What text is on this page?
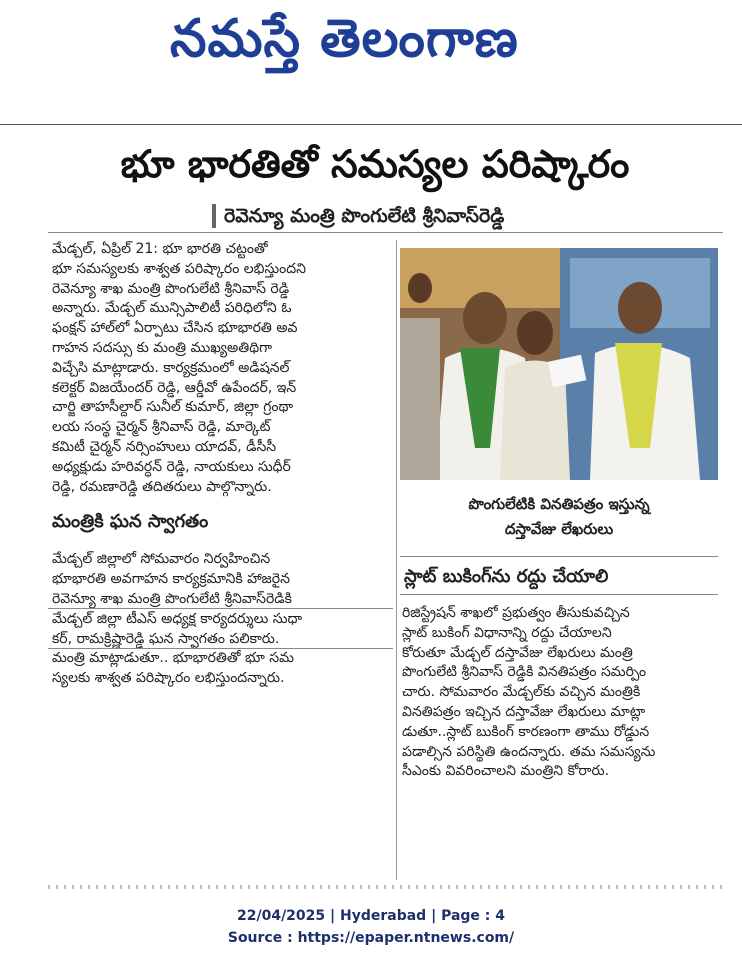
నమస్తే తెలంగాణ
భూ భారతితో సమస్యల పరిష్కారం
రెవెన్యూ మంత్రి పొంగులేటి శ్రీనివాస్‌రెడ్డి
మేడ్చల్, ఏప్రిల్ 21: భూ భారతి చట్టంతో
భూ సమస్యలకు శాశ్వత పరిష్కారం లభిస్తుందని
రెవెన్యూ శాఖ మంత్రి పొంగులేటి శ్రీనివాస్ రెడ్డి
అన్నారు. మేడ్చల్ మున్సిపాలిటీ పరిధిలోని ఓ
ఫంక్షన్ హాల్‌లో ఏర్పాటు చేసిన భూభారతి అవ
గాహన సదస్సు కు మంత్రి ముఖ్యఅతిథిగా
విచ్చేసి మాట్లాడారు. కార్యక్రమంలో అడిషనల్
కలెక్టర్ విజయేందర్ రెడ్డి, ఆర్డీవో ఉపేందర్, ఇన్
చార్జి తాహసీల్దార్ సునీల్ కుమార్, జిల్లా గ్రంథా
లయ సంస్థ చైర్మన్ శ్రీనివాస్ రెడ్డి, మార్కెట్
కమిటీ చైర్మన్ నర్సింహులు యాదవ్, డీసీసీ
అధ్యక్షుడు హరివర్ధన్ రెడ్డి, నాయకులు సుధీర్
రెడ్డి, రమణారెడ్డి తదితరులు పాల్గొన్నారు.
మంత్రికి ఘన స్వాగతం
మేడ్చల్ జిల్లాలో సోమవారం నిర్వహించిన
భూభారతి అవగాహన కార్యక్రమానికి హాజరైన
రెవెన్యూ శాఖ మంత్రి పొంగులేటి శ్రీనివాస్‌రెడికి
మేడ్చల్ జిల్లా టీఎస్ అధ్యక్ష కార్యదర్శులు సుధా
కర్, రామక్రిష్ణారెడ్డి ఘన స్వాగతం పలికారు.
మంత్రి మాట్లాడుతూ.. భూభారతితో భూ సమ
స్యలకు శాశ్వత పరిష్కారం లభిస్తుందన్నారు.
పొంగులేటికి వినతిపత్రం ఇస్తున్న
దస్తావేజు లేఖరులు
స్లాట్ బుకింగ్‌ను రద్దు చేయాలి
రిజిస్ట్రేషన్ శాఖలో ప్రభుత్వం తీసుకువచ్చిన
స్లాట్ బుకింగ్ విధానాన్ని రద్దు చేయాలని
కోరుతూ మేడ్చల్ దస్తావేజు లేఖరులు మంత్రి
పొంగులేటి శ్రీనివాస్ రెడ్డికి వినతిపత్రం సమర్పిం
చారు. సోమవారం మేడ్చల్‌కు వచ్చిన మంత్రికి
వినతిపత్రం ఇచ్చిన దస్తావేజు లేఖరులు మాట్లా
డుతూ..స్లాట్ బుకింగ్ కారణంగా తాము రోడ్డున
పడాల్సిన పరిస్థితి ఉందన్నారు. తమ సమస్యను
సీఎంకు వివరించాలని మంత్రిని కోరారు.
22/04/2025 | Hyderabad | Page : 4
Source : https://epaper.ntnews.com/
